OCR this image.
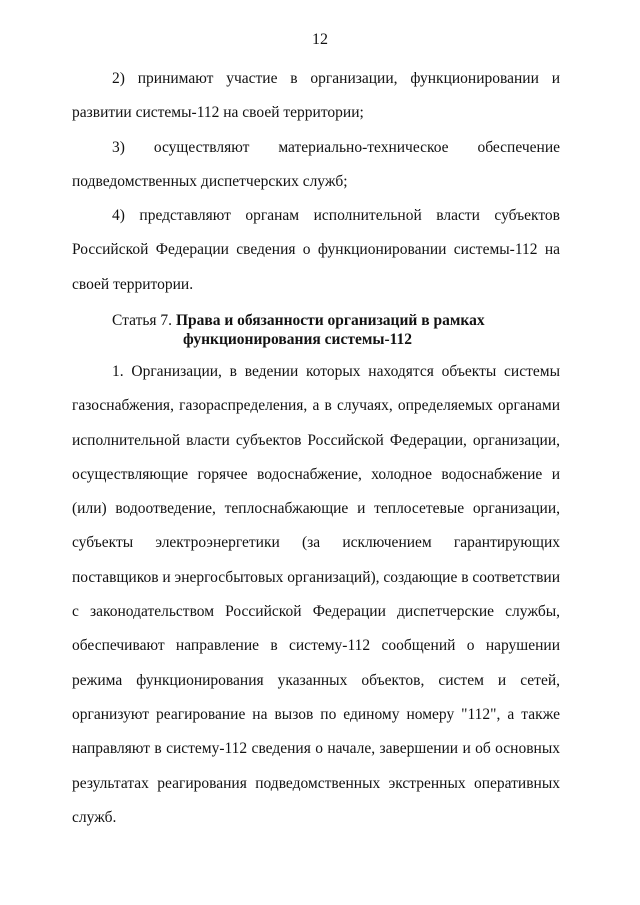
12

2) принимают участие в организации, функционировании и развитии системы-112 на своей территории;

3) осуществляют материально-техническое обеспечение подведомственных диспетчерских служб;

4) представляют органам исполнительной власти субъектов Российской Федерации сведения о функционировании системы-112 на своей территории.

Статья 7. Права и обязанности организаций в рамках
функционирования системы-112

1. Организации, в ведении которых находятся объекты системы газоснабжения, газораспределения, а в случаях, определяемых органами исполнительной власти субъектов Российской Федерации, организации, осуществляющие горячее водоснабжение, холодное водоснабжение и (или) водоотведение, теплоснабжающие и теплосетевые организации, субъекты электроэнергетики (за исключением гарантирующих поставщиков и энергосбытовых организаций), создающие в соответствии с законодательством Российской Федерации диспетчерские службы, обеспечивают направление в систему-112 сообщений о нарушении режима функционирования указанных объектов, систем и сетей, организуют реагирование на вызов по единому номеру "112", а также направляют в систему-112 сведения о начале, завершении и об основных результатах реагирования подведомственных экстренных оперативных служб.
